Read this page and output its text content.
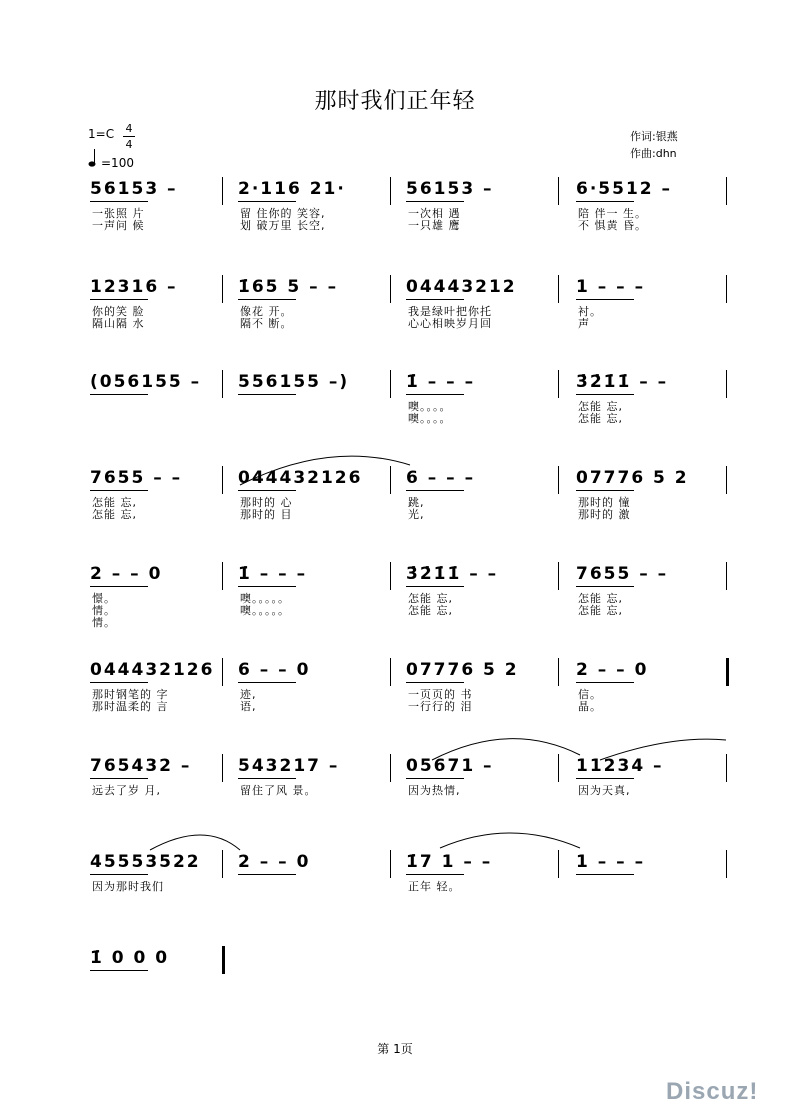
那时我们正年轻
$1=C \frac{4}{4}$
=100
作词:银燕
作曲:dhn
56153 –
一张照 片
一声问 候
2·116 21·
留 住你的 笑容,
划 破万里 长空,
56153 –
一次相 遇
一只雄 鹰
6·5512 –
陪 伴一 生。
不 惧黄 昏。
12316 –
你的笑 脸
隔山隔 水
1̇65 5 – –
像花 开。
隔不 断。
04443212
我是绿叶把你托
心心相映岁月回
1 – – –
衬。
声
(056155 – 556155 –)	1̇ – – –
噢。。。。
噢。。。。
3̇2̇1̇1̇ – –
怎能 忘,
怎能 忘,
7655 – –
怎能 忘,
怎能 忘,
044432126
那时的 心
那时的 目
6 – – –
跳,
光,
07776 5 2
那时的 憧
那时的 激
2 – – 0
憬。
情。
情。
1̇ – – –
噢。。。。。
噢。。。。。
3̇2̇1̇1̇ – –
怎能 忘,
怎能 忘,
7655 – –
怎能 忘,
怎能 忘,
044432126
那时钢笔的 字
那时温柔的 言
6 – – 0
迹,
语,
07776 5 2
一页页的 书
一行行的 泪
2 – – 0
信。
晶。
765432 –
远去了岁 月,
543217 –
留住了风 景。
05671 –
因为热情,
11234 –
因为天真,
45553522
因为那时我们
2 – – 0	1̇7 1 – –
正年 轻。
1 – – –
1̇ 0 0 0
第 1页
Discuz!
